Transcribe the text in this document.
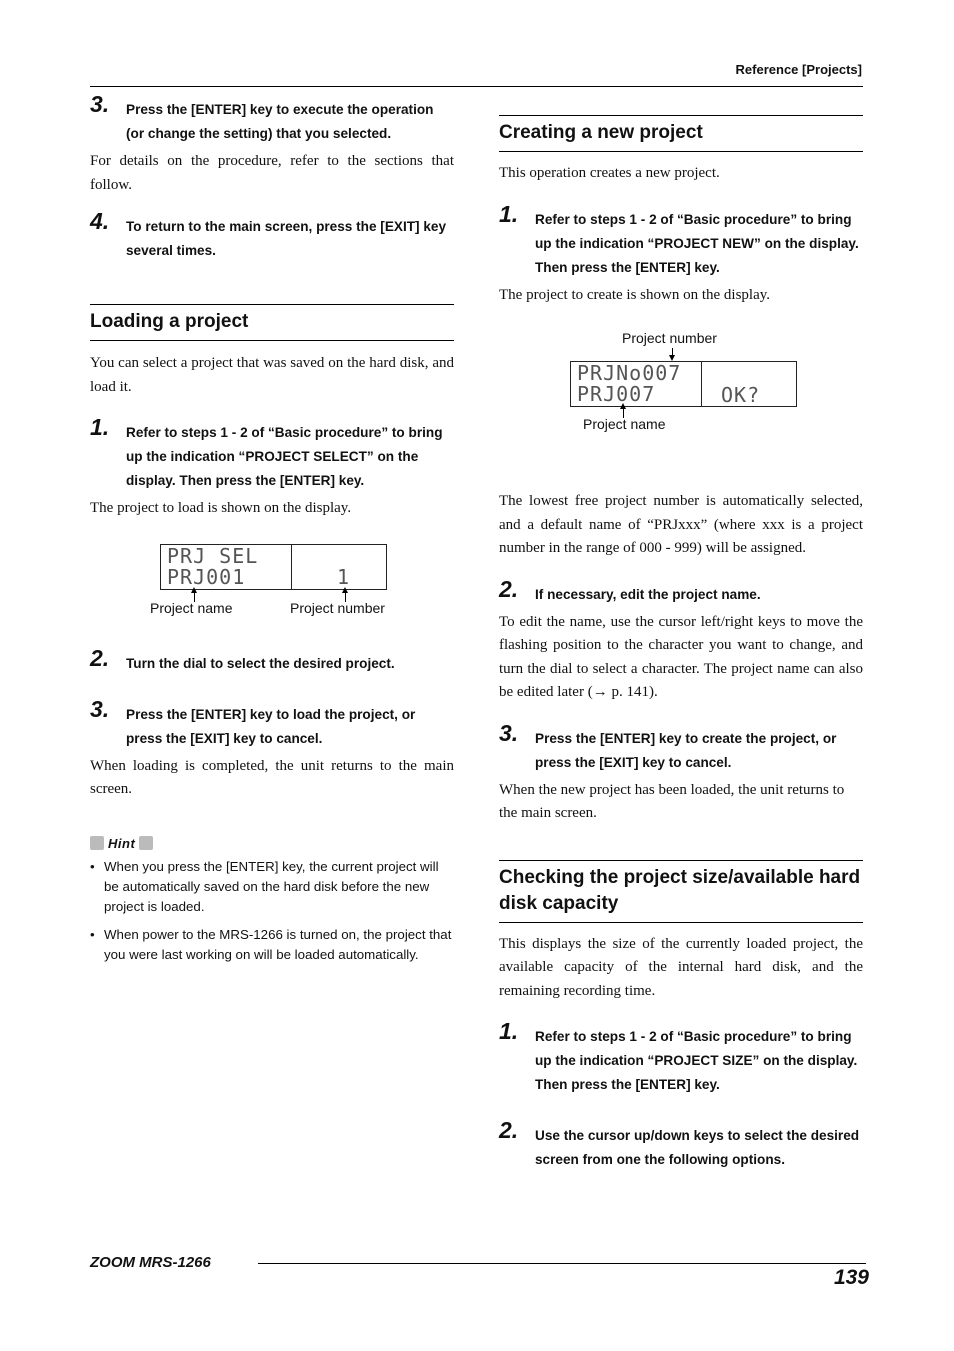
Reference [Projects]
3. Press the [ENTER] key to execute the operation (or change the setting) that you selected.

For details on the procedure, refer to the sections that follow.

4. To return to the main screen, press the [EXIT] key several times.
Loading a project

You can select a project that was saved on the hard disk, and load it.

1. Refer to steps 1 - 2 of “Basic procedure” to bring up the indication “PROJECT SELECT” on the display. Then press the [ENTER] key.

The project to load is shown on the display.

PRJ SEL
PRJ001	1
Project name	Project number
2. Turn the dial to select the desired project.
3. Press the [ENTER] key to load the project, or press the [EXIT] key to cancel.

When loading is completed, the unit returns to the main screen.

Hint
• When you press the [ENTER] key, the current project will be automatically saved on the hard disk before the new project is loaded.
• When power to the MRS-1266 is turned on, the project that you were last working on will be loaded automatically.
Creating a new project

This operation creates a new project.

1. Refer to steps 1 - 2 of “Basic procedure” to bring up the indication “PROJECT NEW” on the display. Then press the [ENTER] key.

The project to create is shown on the display.

Project number
PRJNo007
PRJ007	OK?
Project name

The lowest free project number is automatically selected, and a default name of “PRJxxx” (where xxx is a project number in the range of 000 - 999) will be assigned.

2. If necessary, edit the project name.

To edit the name, use the cursor left/right keys to move the flashing position to the character you want to change, and turn the dial to select a character. The project name can also be edited later (→ p. 141).

3. Press the [ENTER] key to create the project, or press the [EXIT] key to cancel.

When the new project has been loaded, the unit returns to the main screen.

Checking the project size/available hard disk capacity

This displays the size of the currently loaded project, the available capacity of the internal hard disk, and the remaining recording time.

1. Refer to steps 1 - 2 of “Basic procedure” to bring up the indication “PROJECT SIZE” on the display. Then press the [ENTER] key.
2. Use the cursor up/down keys to select the desired screen from one the following options.
ZOOM MRS-1266
139
